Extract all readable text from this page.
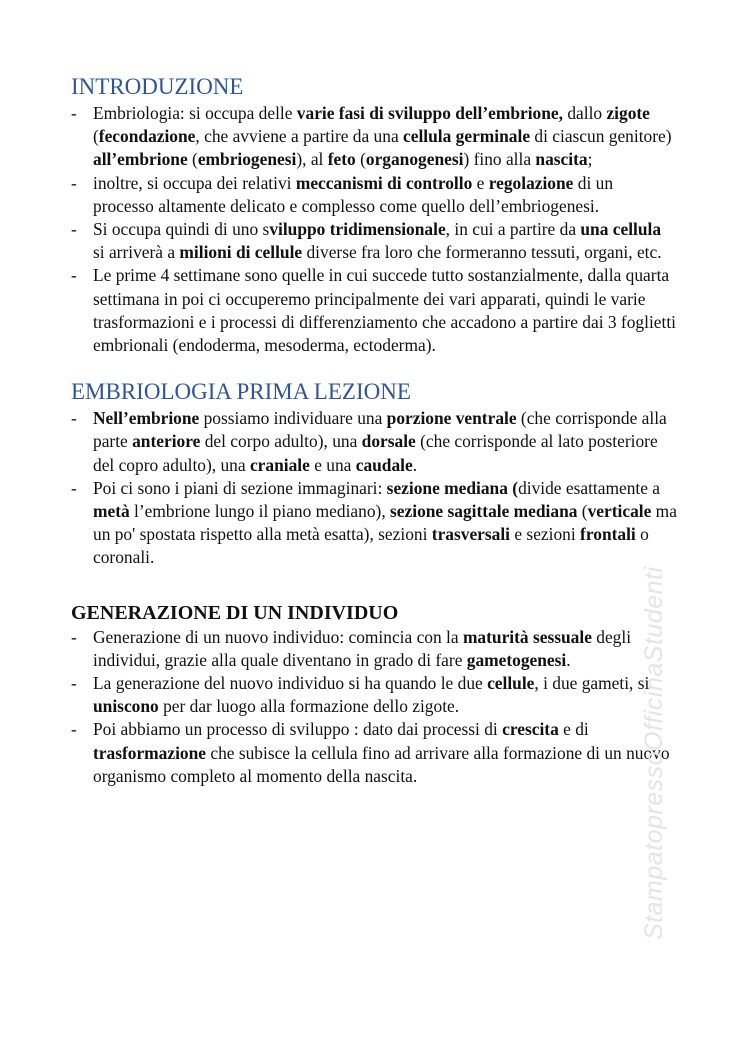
INTRODUZIONE
- Embriologia: si occupa delle varie fasi di sviluppo dell’embrione, dallo zigote (fecondazione, che avviene a partire da una cellula germinale di ciascun genitore) all’embrione (embriogenesi), al feto (organogenesi) fino alla nascita;
- inoltre, si occupa dei relativi meccanismi di controllo e regolazione di un processo altamente delicato e complesso come quello dell’embriogenesi.
- Si occupa quindi di uno sviluppo tridimensionale, in cui a partire da una cellula si arriverà a milioni di cellule diverse fra loro che formeranno tessuti, organi, etc.
- Le prime 4 settimane sono quelle in cui succede tutto sostanzialmente, dalla quarta settimana in poi ci occuperemo principalmente dei vari apparati, quindi le varie trasformazioni e i processi di differenziamento che accadono a partire dai 3 foglietti embrionali (endoderma, mesoderma, ectoderma).
EMBRIOLOGIA PRIMA LEZIONE
- Nell’embrione possiamo individuare una porzione ventrale (che corrisponde alla parte anteriore del corpo adulto), una dorsale (che corrisponde al lato posteriore del copro adulto), una craniale e una caudale.
- Poi ci sono i piani di sezione immaginari: sezione mediana (divide esattamente a metà l’embrione lungo il piano mediano), sezione sagittale mediana (verticale ma un po' spostata rispetto alla metà esatta), sezioni trasversali e sezioni frontali o coronali.
GENERAZIONE DI UN INDIVIDUO
- Generazione di un nuovo individuo: comincia con la maturità sessuale degli individui, grazie alla quale diventano in grado di fare gametogenesi.
- La generazione del nuovo individuo si ha quando le due cellule, i due gameti, si uniscono per dar luogo alla formazione dello zigote.
- Poi abbiamo un processo di sviluppo : dato dai processi di crescita e di trasformazione che subisce la cellula fino ad arrivare alla formazione di un nuovo organismo completo al momento della nascita.	StampatopressoOfficinaStudenti
